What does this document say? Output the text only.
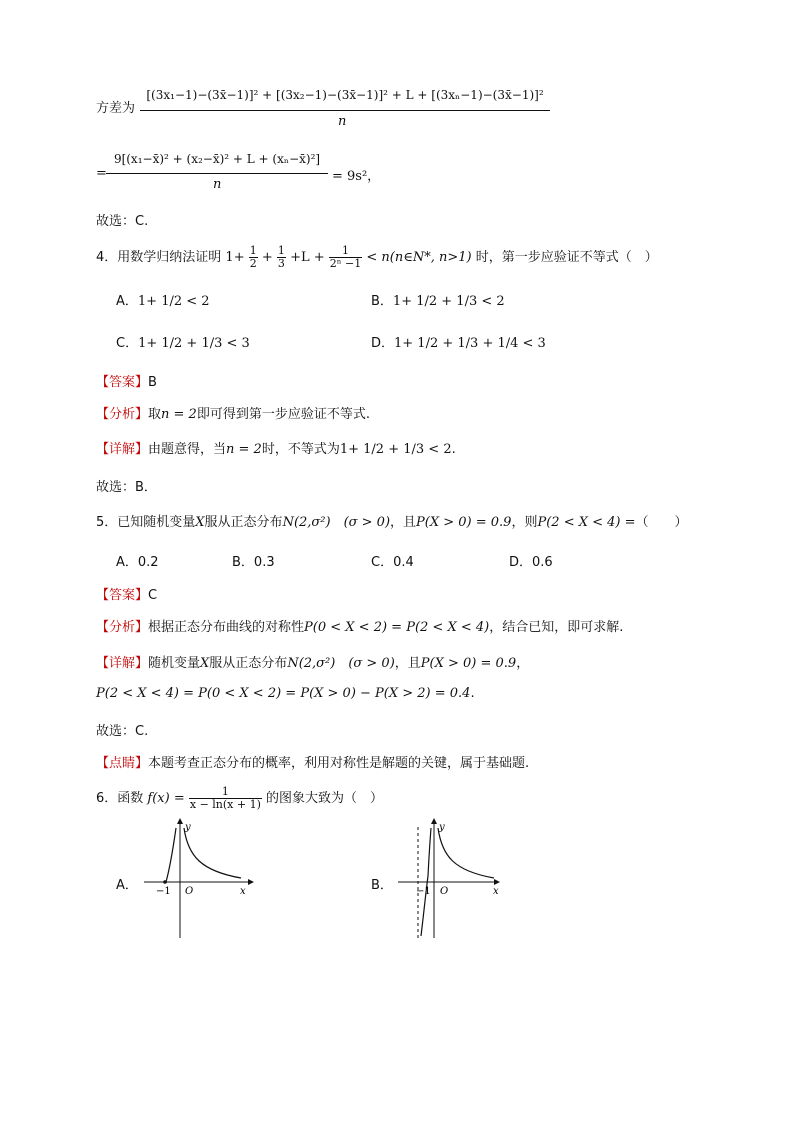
方差为
[(3x₁−1)−(3x̄−1)]² + [(3x₂−1)−(3x̄−1)]² + L + [(3xₙ−1)−(3x̄−1)]²
n
=
9[(x₁−x̄)² + (x₂−x̄)² + L + (xₙ−x̄)²]
n
= 9s²，
故选：C.
4．用数学归纳法证明 $1+ \frac{1}{2} + \frac{1}{3} +L + \frac{1}{\text{2ⁿ −1}}$ < n(n∈N*, n>1) 时，第一步应验证不等式（　）
A．1+ 1/2 < 2	B．1+ 1/2 + 1/3 < 2
C．1+ 1/2 + 1/3 < 3	D．1+ 1/2 + 1/3 + 1/4 < 3
【答案】B
【分析】取n = 2即可得到第一步应验证不等式.
【详解】由题意得，当n = 2时，不等式为1+ 1/2 + 1/3 < 2.
故选：B．
5．已知随机变量X服从正态分布N(2,σ²)　(σ > 0)，且P(X > 0) = 0.9，则P(2 < X < 4) =（　　）
A．0.2	B．0.3	C．0.4	D．0.6
【答案】C
【分析】根据正态分布曲线的对称性P(0 < X < 2) = P(2 < X < 4)，结合已知，即可求解.
【详解】随机变量X服从正态分布N(2,σ²)　(σ > 0)，且P(X > 0) = 0.9，
P(2 < X < 4) = P(0 < X < 2) = P(X > 0) − P(X > 2) = 0.4.
故选：C.
【点睛】本题考查正态分布的概率，利用对称性是解题的关键，属于基础题.
6．函数 $f(x) = \frac{1}{x - \ln(x + 1)}$ 的图象大致为（　）
A．
y
x
O
−1	B．
y
x
O
−1
